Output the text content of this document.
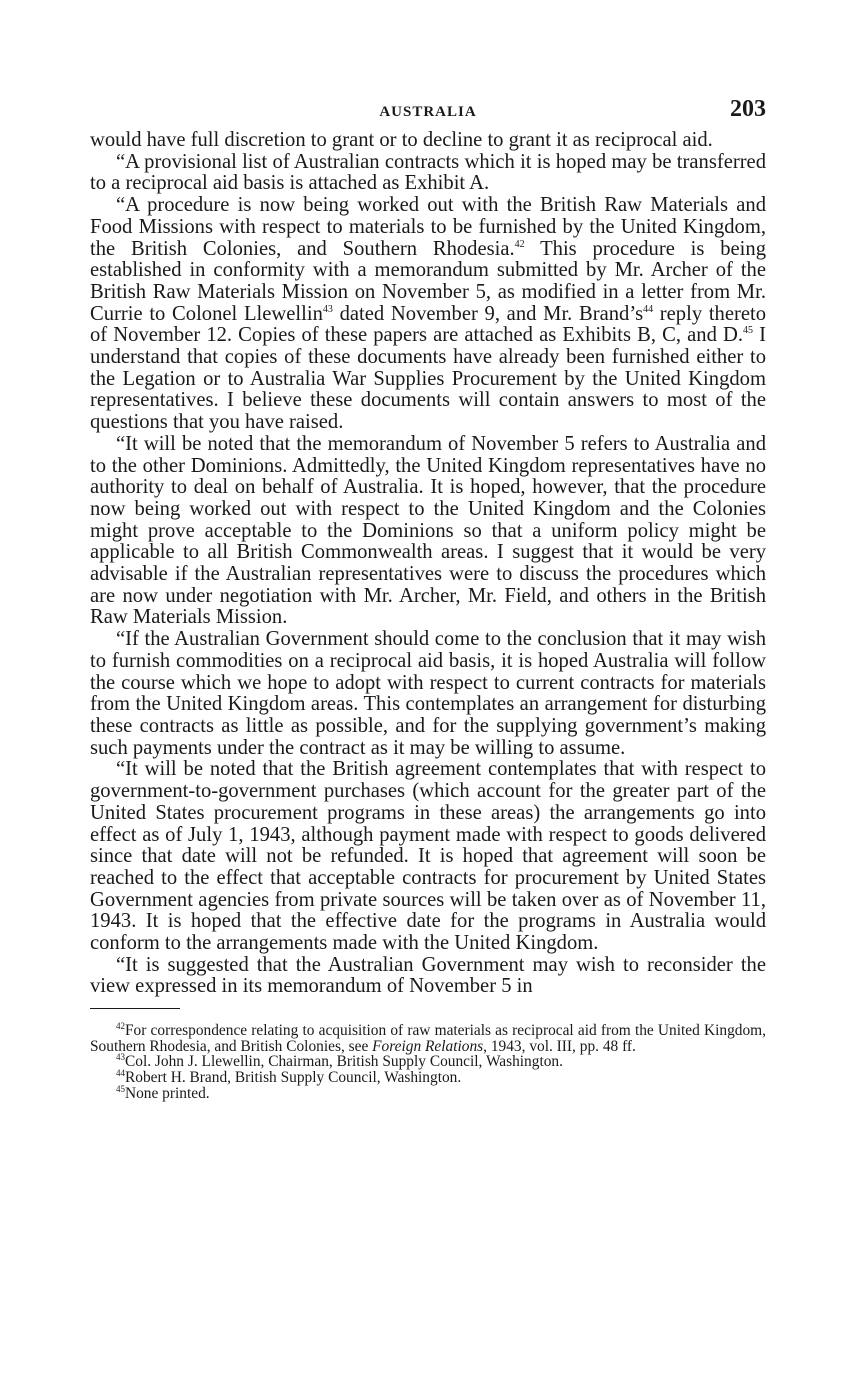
AUSTRALIA	203

would have full discretion to grant or to decline to grant it as reciprocal aid.

“A provisional list of Australian contracts which it is hoped may be transferred to a reciprocal aid basis is attached as Exhibit A.

“A procedure is now being worked out with the British Raw Materials and Food Missions with respect to materials to be furnished by the United Kingdom, the British Colonies, and Southern Rhodesia.$^{42}$ This procedure is being established in conformity with a memorandum submitted by Mr. Archer of the British Raw Materials Mission on November 5, as modified in a letter from Mr. Currie to Colonel Llewellin$^{43}$ dated November 9, and Mr. $Brand’s^{44}$ reply thereto of November 12. Copies of these papers are attached as Exhibits B, C, and D.$^{45}$ I understand that copies of these documents have already been furnished either to the Legation or to Australia War Supplies Procurement by the United Kingdom representatives. I believe these documents will contain answers to most of the questions that you have raised.

“It will be noted that the memorandum of November 5 refers to Australia and to the other Dominions. Admittedly, the United Kingdom representatives have no authority to deal on behalf of Australia. It is hoped, however, that the procedure now being worked out with respect to the United Kingdom and the Colonies might prove acceptable to the Dominions so that a uniform policy might be applicable to all British Commonwealth areas. I suggest that it would be very advisable if the Australian representatives were to discuss the procedures which are now under negotiation with Mr. Archer, Mr. Field, and others in the British Raw Materials Mission.

“If the Australian Government should come to the conclusion that it may wish to furnish commodities on a reciprocal aid basis, it is hoped Australia will follow the course which we hope to adopt with respect to current contracts for materials from the United Kingdom areas. This contemplates an arrangement for disturbing these contracts as little as possible, and for the supplying government’s making such payments under the contract as it may be willing to assume.

“It will be noted that the British agreement contemplates that with respect to government-to-government purchases (which account for the greater part of the United States procurement programs in these areas) the arrangements go into effect as of July 1, 1943, although payment made with respect to goods delivered since that date will not be refunded. It is hoped that agreement will soon be reached to the effect that acceptable contracts for procurement by United States Government agencies from private sources will be taken over as of November 11, 1943. It is hoped that the effective date for the programs in Australia would conform to the arrangements made with the United Kingdom.

“It is suggested that the Australian Government may wish to reconsider the view expressed in its memorandum of November 5 in

$^{42}$For correspondence relating to acquisition of raw materials as reciprocal aid from the United Kingdom, Southern Rhodesia, and British Colonies, see Foreign Relations, 1943, vol. III, pp. 48 ff.

$^{43}$Col. John J. Llewellin, Chairman, British Supply Council, Washington.

$^{44}$Robert H. Brand, British Supply Council, Washington.

$^{45}$None printed.
